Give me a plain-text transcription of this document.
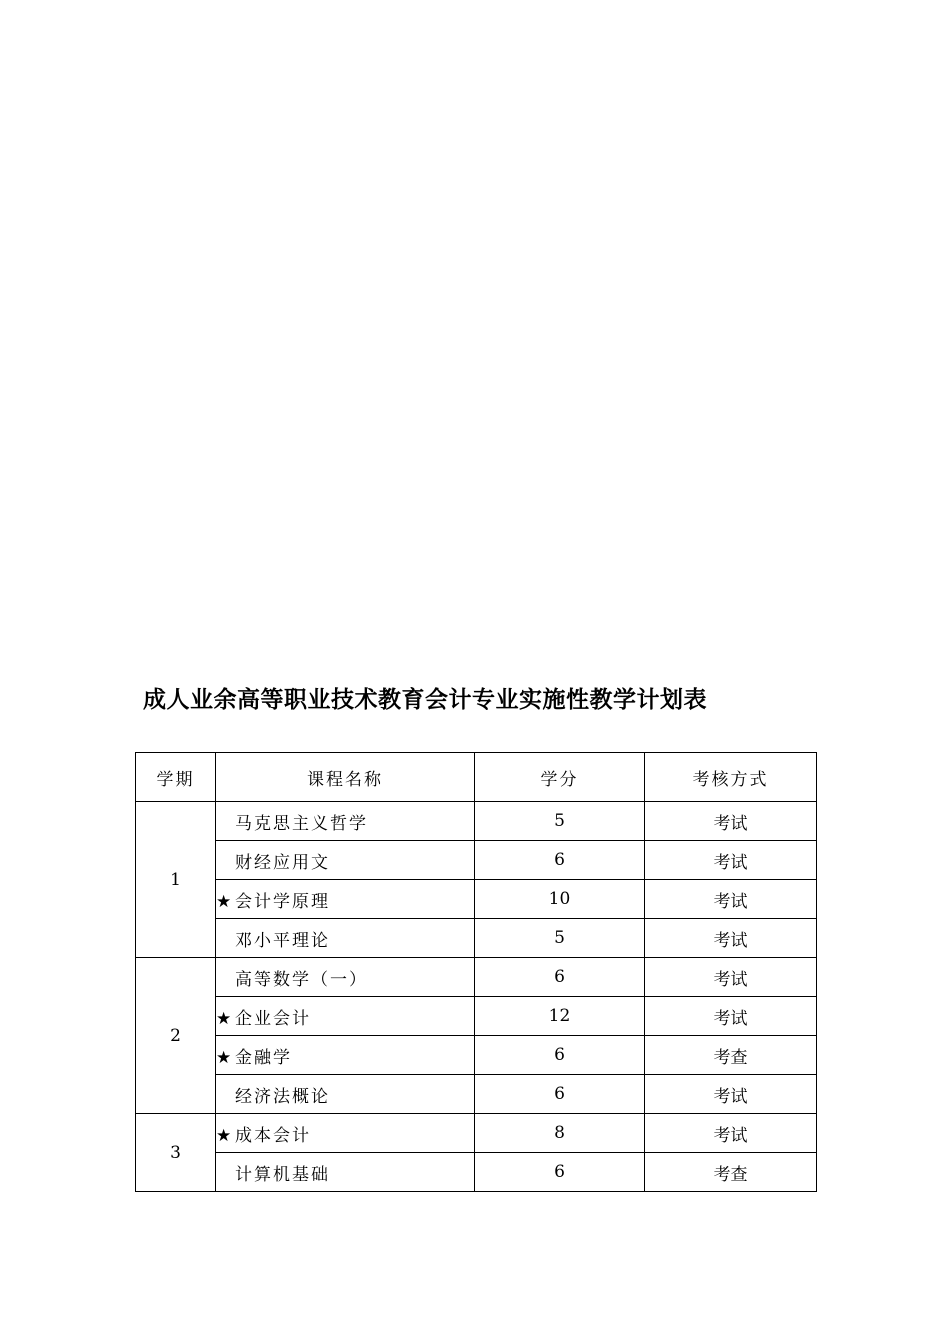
成人业余高等职业技术教育会计专业实施性教学计划表
学期	课程名称	学分	考核方式
1	马克思主义哲学	5	考试
	财经应用文	6	考试
	★ 会计学原理	10	考试
	邓小平理论	5	考试
2	高等数学（一）	6	考试
	★ 企业会计	12	考试
	★ 金融学	6	考查
	经济法概论	6	考试
3	★ 成本会计	8	考试
	计算机基础	6	考查
